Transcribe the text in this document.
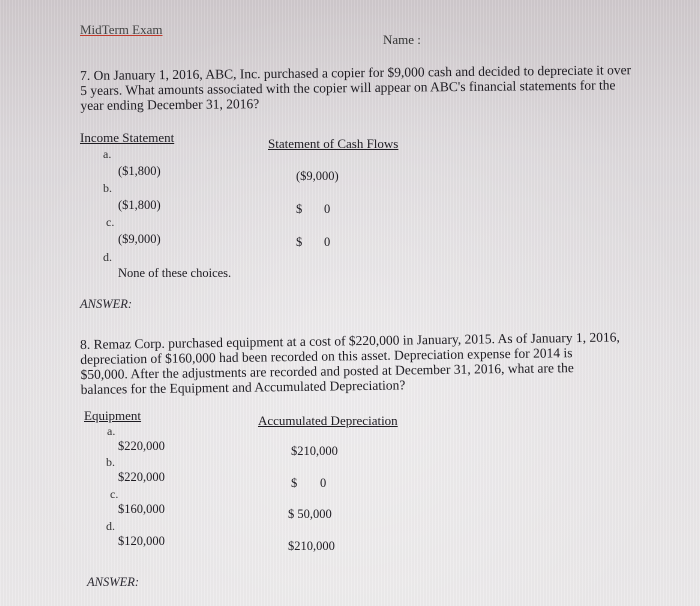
MidTerm Exam
Name :
7. On January 1, 2016, ABC, Inc. purchased a copier for $9,000 cash and decided to depreciate it over 5 years. What amounts associated with the copier will appear on ABC's financial statements for the year ending December 31, 2016?
Income Statement	Statement of Cash Flows
a.
($1,800)	($9,000)
b.
($1,800)	$ 0
c.
($9,000)	$ 0
d.
None of these choices.
ANSWER:
8. Remaz Corp. purchased equipment at a cost of $220,000 in January, 2015. As of January 1, 2016, depreciation of $160,000 had been recorded on this asset. Depreciation expense for 2014 is $50,000. After the adjustments are recorded and posted at December 31, 2016, what are the balances for the Equipment and Accumulated Depreciation?
Equipment	Accumulated Depreciation
a.
$220,000	$210,000
b.
$220,000	$ 0
c.
$160,000	$ 50,000
d.
$120,000	$210,000
ANSWER:
